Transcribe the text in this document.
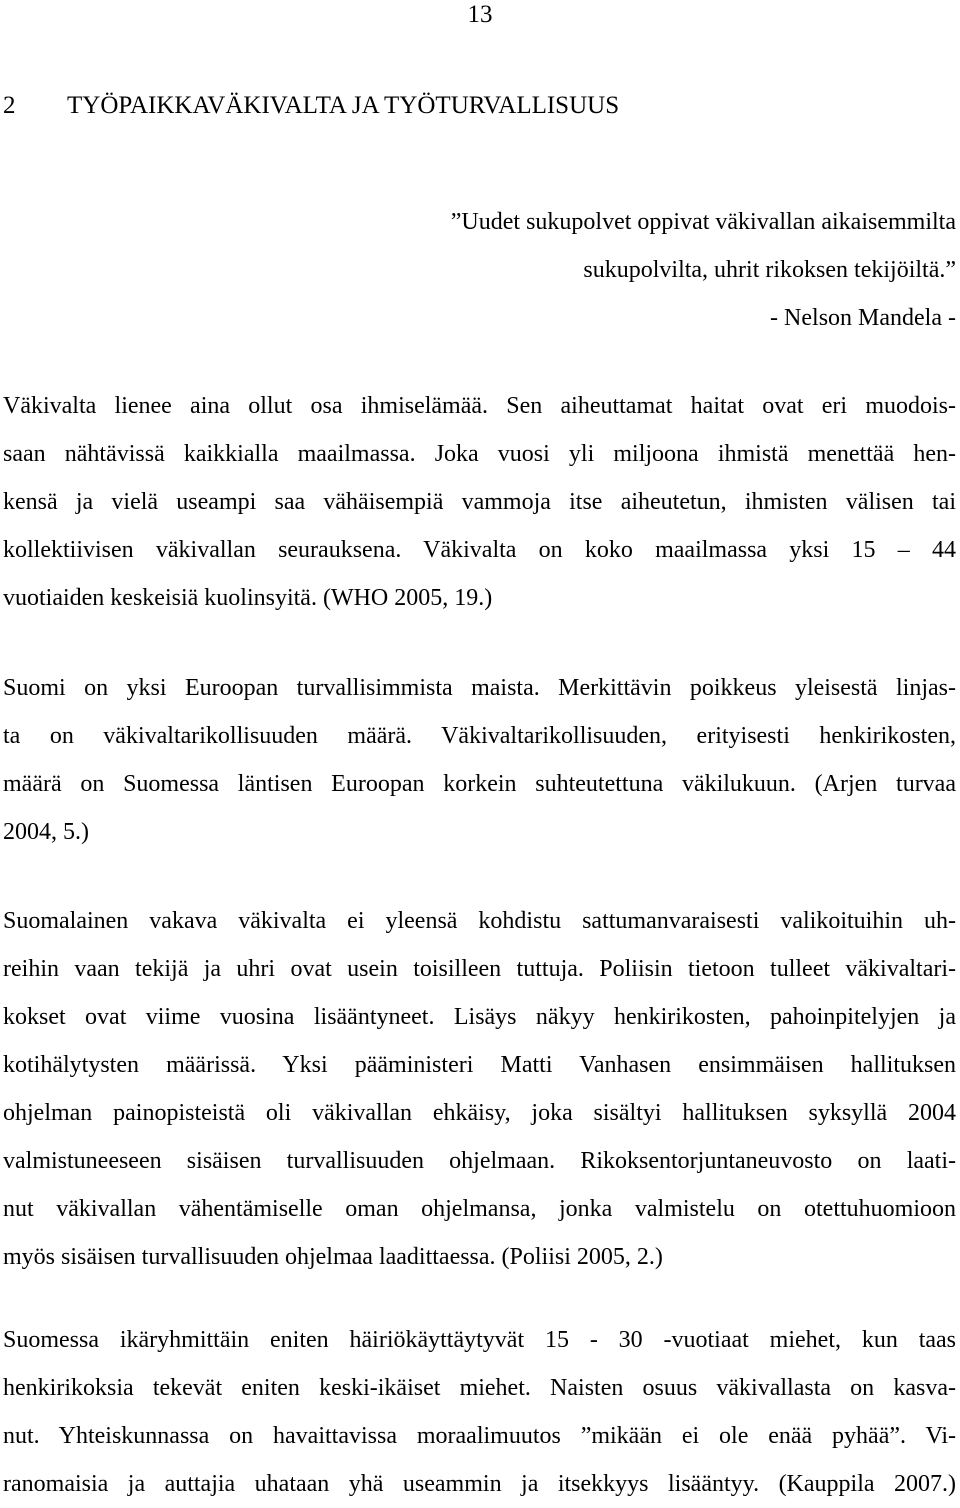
13
2 TYÖPAIKKAVÄKIVALTA JA TYÖTURVALLISUUS
”Uudet sukupolvet oppivat väkivallan aikaisemmilta
sukupolvilta, uhrit rikoksen tekijöiltä.”
- Nelson Mandela -

Väkivalta lienee aina ollut osa ihmiselämää. Sen aiheuttamat haitat ovat eri muodois-
saan nähtävissä kaikkialla maailmassa. Joka vuosi yli miljoona ihmistä menettää hen-
kensä ja vielä useampi saa vähäisempiä vammoja itse aiheutetun, ihmisten välisen tai
kollektiivisen väkivallan seurauksena. Väkivalta on koko maailmassa yksi 15 – 44
vuotiaiden keskeisiä kuolinsyitä. (WHO 2005, 19.)

Suomi on yksi Euroopan turvallisimmista maista. Merkittävin poikkeus yleisestä linjas-
ta on väkivaltarikollisuuden määrä. Väkivaltarikollisuuden, erityisesti henkirikosten,
määrä on Suomessa läntisen Euroopan korkein suhteutettuna väkilukuun. (Arjen turvaa
2004, 5.)

Suomalainen vakava väkivalta ei yleensä kohdistu sattumanvaraisesti valikoituihin uh-
reihin vaan tekijä ja uhri ovat usein toisilleen tuttuja. Poliisin tietoon tulleet väkivaltari-
kokset ovat viime vuosina lisääntyneet. Lisäys näkyy henkirikosten, pahoinpitelyjen ja
kotihälytysten määrissä. Yksi pääministeri Matti Vanhasen ensimmäisen hallituksen
ohjelman painopisteistä oli väkivallan ehkäisy, joka sisältyi hallituksen syksyllä 2004
valmistuneeseen sisäisen turvallisuuden ohjelmaan. Rikoksentorjuntaneuvosto on laati-
nut väkivallan vähentämiselle oman ohjelmansa, jonka valmistelu on otettuhuomioon
myös sisäisen turvallisuuden ohjelmaa laadittaessa. (Poliisi 2005, 2.)

Suomessa ikäryhmittäin eniten häiriökäyttäytyvät 15 - 30 -vuotiaat miehet, kun taas
henkirikoksia tekevät eniten keski-ikäiset miehet. Naisten osuus väkivallasta on kasva-
nut. Yhteiskunnassa on havaittavissa moraalimuutos ”mikään ei ole enää pyhää”. Vi-
ranomaisia ja auttajia uhataan yhä useammin ja itsekkyys lisääntyy. (Kauppila 2007.)
